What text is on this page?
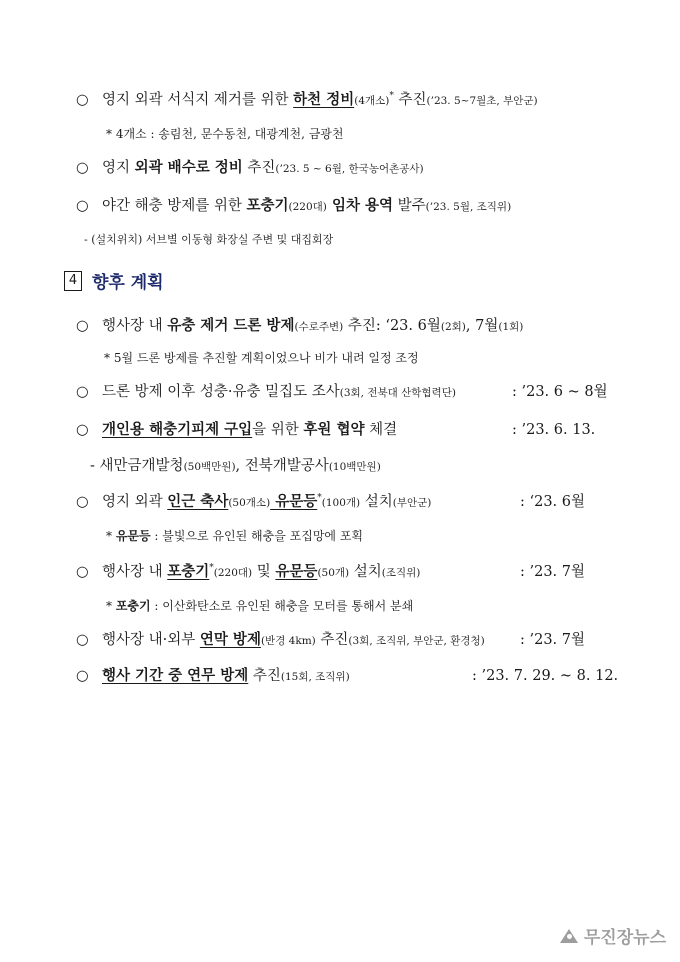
○ 영지 외곽 서식지 제거를 위한 하천 정비(4개소)* 추진(’23. 5~7월초, 부안군)
* 4개소 : 송림천, 문수동천, 대광계천, 금광천
○ 영지 외곽 배수로 정비 추진(’23. 5 ~ 6월, 한국농어촌공사)
○ 야간 해충 방제를 위한 포충기(220대) 임차 용역 발주(’23. 5월, 조직위)
- (설치위치) 서브별 이동형 화장실 주변 및 대집회장
4 향후 계획
○ 행사장 내 유충 제거 드론 방제(수로주변) 추진: ‘23. 6월(2회), 7월(1회)
* 5월 드론 방제를 추진할 계획이었으나 비가 내려 일정 조정
○ 드론 방제 이후 성충·유충 밀집도 조사(3회, 전북대 산학협력단)	: ’23. 6 ~ 8월
○ 개인용 해충기피제 구입을 위한 후원 협약 체결	: ’23. 6. 13.
- 새만금개발청(50백만원), 전북개발공사(10백만원)
○ 영지 외곽 인근 축사(50개소) 유문등*(100개) 설치(부안군)	: ‘23. 6월
* 유문등 : 불빛으로 유인된 해충을 포집망에 포획
○ 행사장 내 포충기*(220대) 및 유문등(50개) 설치(조직위)	: ’23. 7월
* 포충기 : 이산화탄소로 유인된 해충을 모터를 통해서 분쇄
○ 행사장 내·외부 연막 방제(반경 4km) 추진(3회, 조직위, 부안군, 환경청) : ’23. 7월
○ 행사 기간 중 연무 방제 추진(15회, 조직위)	: ’23. 7. 29. ~ 8. 12.
무진장뉴스
